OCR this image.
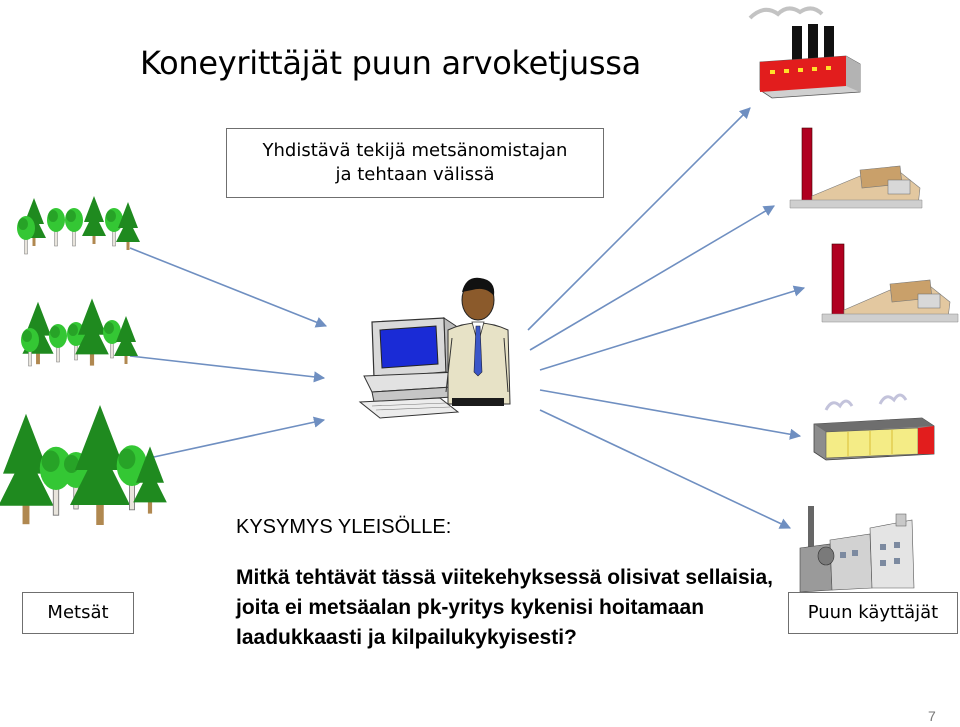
Koneyrittäjät puun arvoketjussa
Yhdistävä tekijä metsänomistajan
ja tehtaan välissä
Metsät	Puun käyttäjät
KYSYMYS YLEISÖLLE:
Mitkä tehtävät tässä viitekehyksessä olisivat sellaisia, joita ei metsäalan pk-yritys kykenisi hoitamaan laadukkaasti ja kilpailukykyisesti?
7
